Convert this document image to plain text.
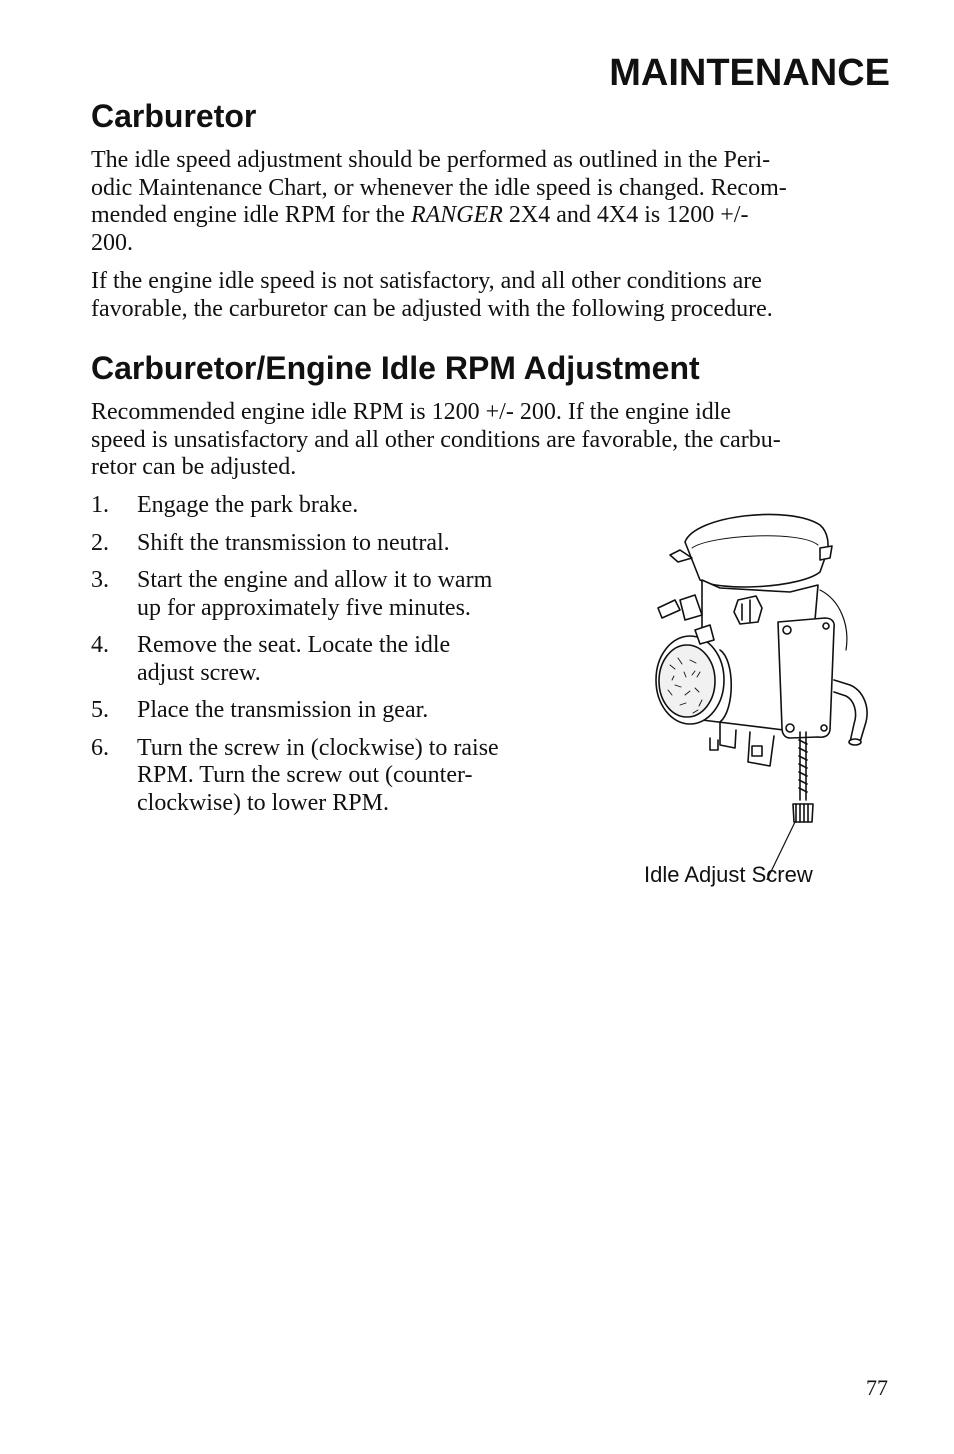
MAINTENANCE
Carburetor

The idle speed adjustment should be performed as outlined in the Peri-
odic Maintenance Chart, or whenever the idle speed is changed. Recom-
mended engine idle RPM for the RANGER 2X4 and 4X4 is 1200 +/-
200.

If the engine idle speed is not satisfactory, and all other conditions are
favorable, the carburetor can be adjusted with the following procedure.

Carburetor/Engine Idle RPM Adjustment

Recommended engine idle RPM is 1200 +/- 200. If the engine idle
speed is unsatisfactory and all other conditions are favorable, the carbu-
retor can be adjusted.

1. Engage the park brake.
2. Shift the transmission to neutral.
3. Start the engine and allow it to warm
up for approximately five minutes.
4. Remove the seat. Locate the idle
adjust screw.
5. Place the transmission in gear.
6. Turn the screw in (clockwise) to raise
RPM. Turn the screw out (counter-
clockwise) to lower RPM.
Idle Adjust Screw
77
